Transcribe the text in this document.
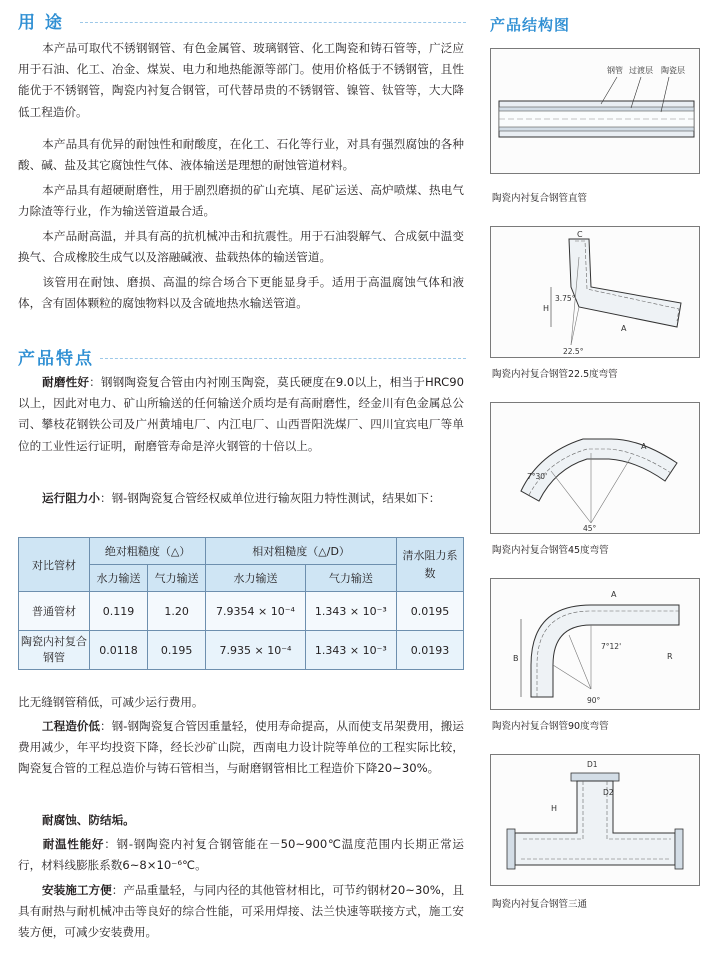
用 途

本产品可取代不锈钢钢管、有色金属管、玻璃钢管、化工陶瓷和铸石管等，广泛应用于石油、化工、冶金、煤炭、电力和地热能源等部门。使用价格低于不锈钢管，且性能优于不锈钢管，陶瓷内衬复合钢管，可代替昂贵的不锈钢管、镍管、钛管等，大大降低工程造价。

本产品具有优异的耐蚀性和耐酸度，在化工、石化等行业，对具有强烈腐蚀的各种酸、碱、盐及其它腐蚀性气体、液体输送是理想的耐蚀管道材料。

本产品具有超硬耐磨性，用于剧烈磨损的矿山充填、尾矿运送、高炉喷煤、热电气力除渣等行业，作为输送管道最合适。

本产品耐高温，并具有高的抗机械冲击和抗震性。用于石油裂解气、合成氨中温变换气、合成橡胶生成气以及溶融碱液、盐载热体的输送管道。

该管用在耐蚀、磨损、高温的综合场合下更能显身手。适用于高温腐蚀气体和液体，含有固体颗粒的腐蚀物料以及含硫地热水输送管道。

产品特点

耐磨性好：钢钢陶瓷复合管由内衬刚玉陶瓷，莫氏硬度在9.0以上，相当于HRC90以上，因此对电力、矿山所输送的任何输送介质均是有高耐磨性，经金川有色金属总公司、攀枝花钢铁公司及广州黄埔电厂、内江电厂、山西晋阳洗煤厂、四川宜宾电厂等单位的工业性运行证明，耐磨管寿命是淬火钢管的十倍以上。

运行阻力小：钢-钢陶瓷复合管经权威单位进行输灰阻力特性测试，结果如下：

对比管材	绝对粗糙度（△）		相对粗糙度（△/D）		清水阻力系数
	水力输送	气力输送	水力输送	气力输送	
普通管材	0.119	1.20	7.9354 × 10⁻⁴	1.343 × 10⁻³	0.0195
陶瓷内衬复合钢管	0.0118	0.195	7.935 × 10⁻⁴	1.343 × 10⁻³	0.0193

比无缝钢管稍低，可减少运行费用。

工程造价低：钢-钢陶瓷复合管因重量轻，使用寿命提高，从而使支吊架费用，搬运费用减少，年平均投资下降，经长沙矿山院，西南电力设计院等单位的工程实际比较，陶瓷复合管的工程总造价与铸石管相当，与耐磨钢管相比工程造价下降20~30%。

耐腐蚀、防结垢。

耐温性能好：钢-钢陶瓷内衬复合钢管能在－50~900℃温度范围内长期正常运行，材料线膨胀系数6~8×10⁻⁶℃。

安装施工方便：产品重量轻，与同内径的其他管材相比，可节约钢材20~30%，且具有耐热与耐机械冲击等良好的综合性能，可采用焊接、法兰快速等联接方式，施工安装方便，可减少安装费用。

产品结构图
钢管 过渡层 陶瓷层
陶瓷内衬复合钢管直管
H
C
3.75°
22.5°
A
陶瓷内衬复合钢管22.5度弯管
7°30'
45°
A
陶瓷内衬复合钢管45度弯管
B
A
R
7°12'
90°
陶瓷内衬复合钢管90度弯管
D1
D2
H
陶瓷内衬复合钢管三通
